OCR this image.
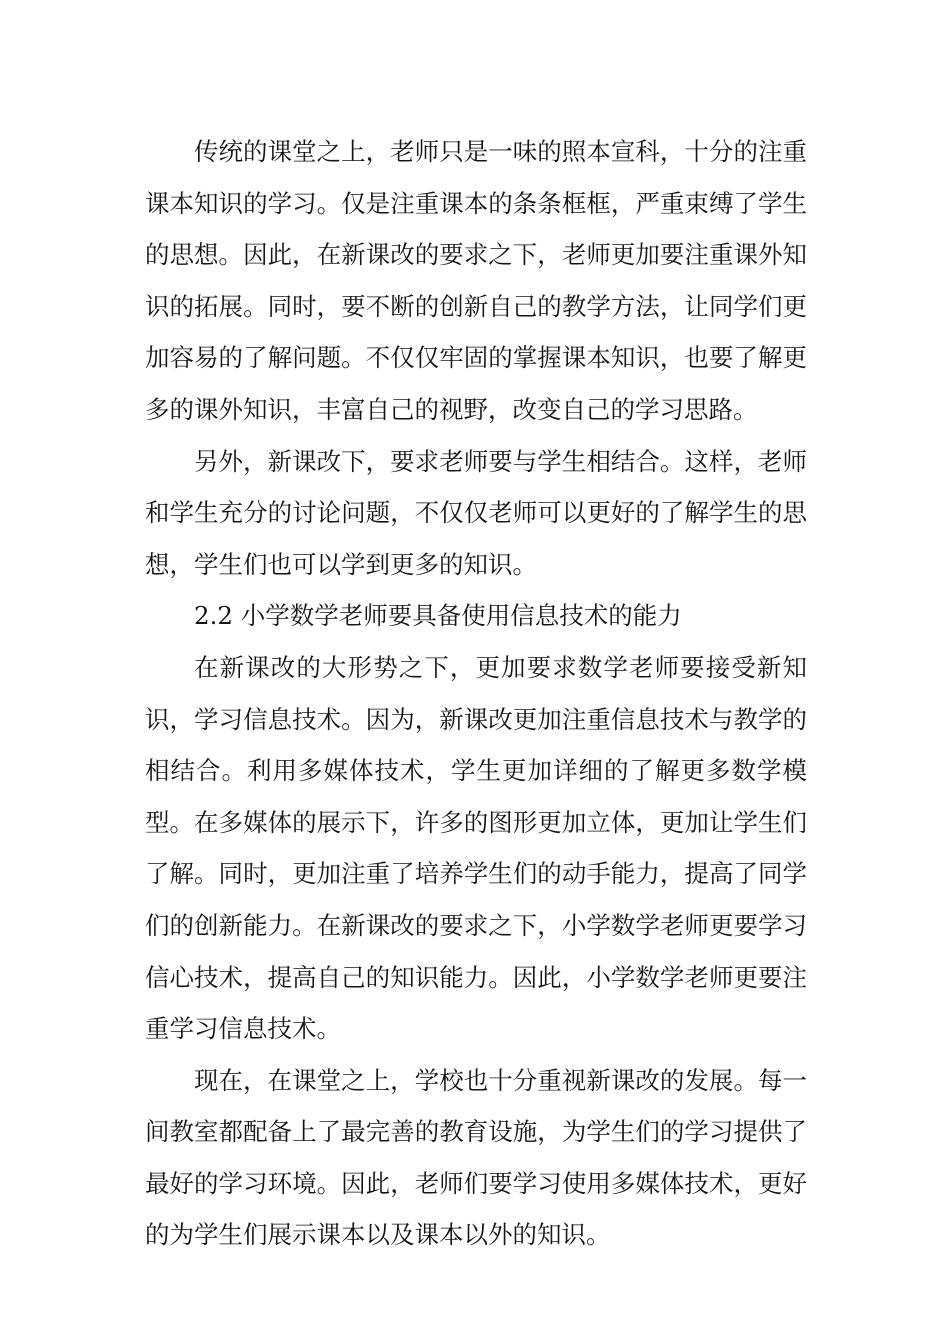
传统的课堂之上，老师只是一味的照本宣科，十分的注重课本知识的学习。仅是注重课本的条条框框，严重束缚了学生的思想。因此，在新课改的要求之下，老师更加要注重课外知识的拓展。同时，要不断的创新自己的教学方法，让同学们更加容易的了解问题。不仅仅牢固的掌握课本知识，也要了解更多的课外知识，丰富自己的视野，改变自己的学习思路。

另外，新课改下，要求老师要与学生相结合。这样，老师和学生充分的讨论问题，不仅仅老师可以更好的了解学生的思想，学生们也可以学到更多的知识。

2.2 小学数学老师要具备使用信息技术的能力

在新课改的大形势之下，更加要求数学老师要接受新知识，学习信息技术。因为，新课改更加注重信息技术与教学的相结合。利用多媒体技术，学生更加详细的了解更多数学模型。在多媒体的展示下，许多的图形更加立体，更加让学生们了解。同时，更加注重了培养学生们的动手能力，提高了同学们的创新能力。在新课改的要求之下，小学数学老师更要学习信心技术，提高自己的知识能力。因此，小学数学老师更要注重学习信息技术。

现在，在课堂之上，学校也十分重视新课改的发展。每一间教室都配备上了最完善的教育设施，为学生们的学习提供了最好的学习环境。因此，老师们要学习使用多媒体技术，更好的为学生们展示课本以及课本以外的知识。
